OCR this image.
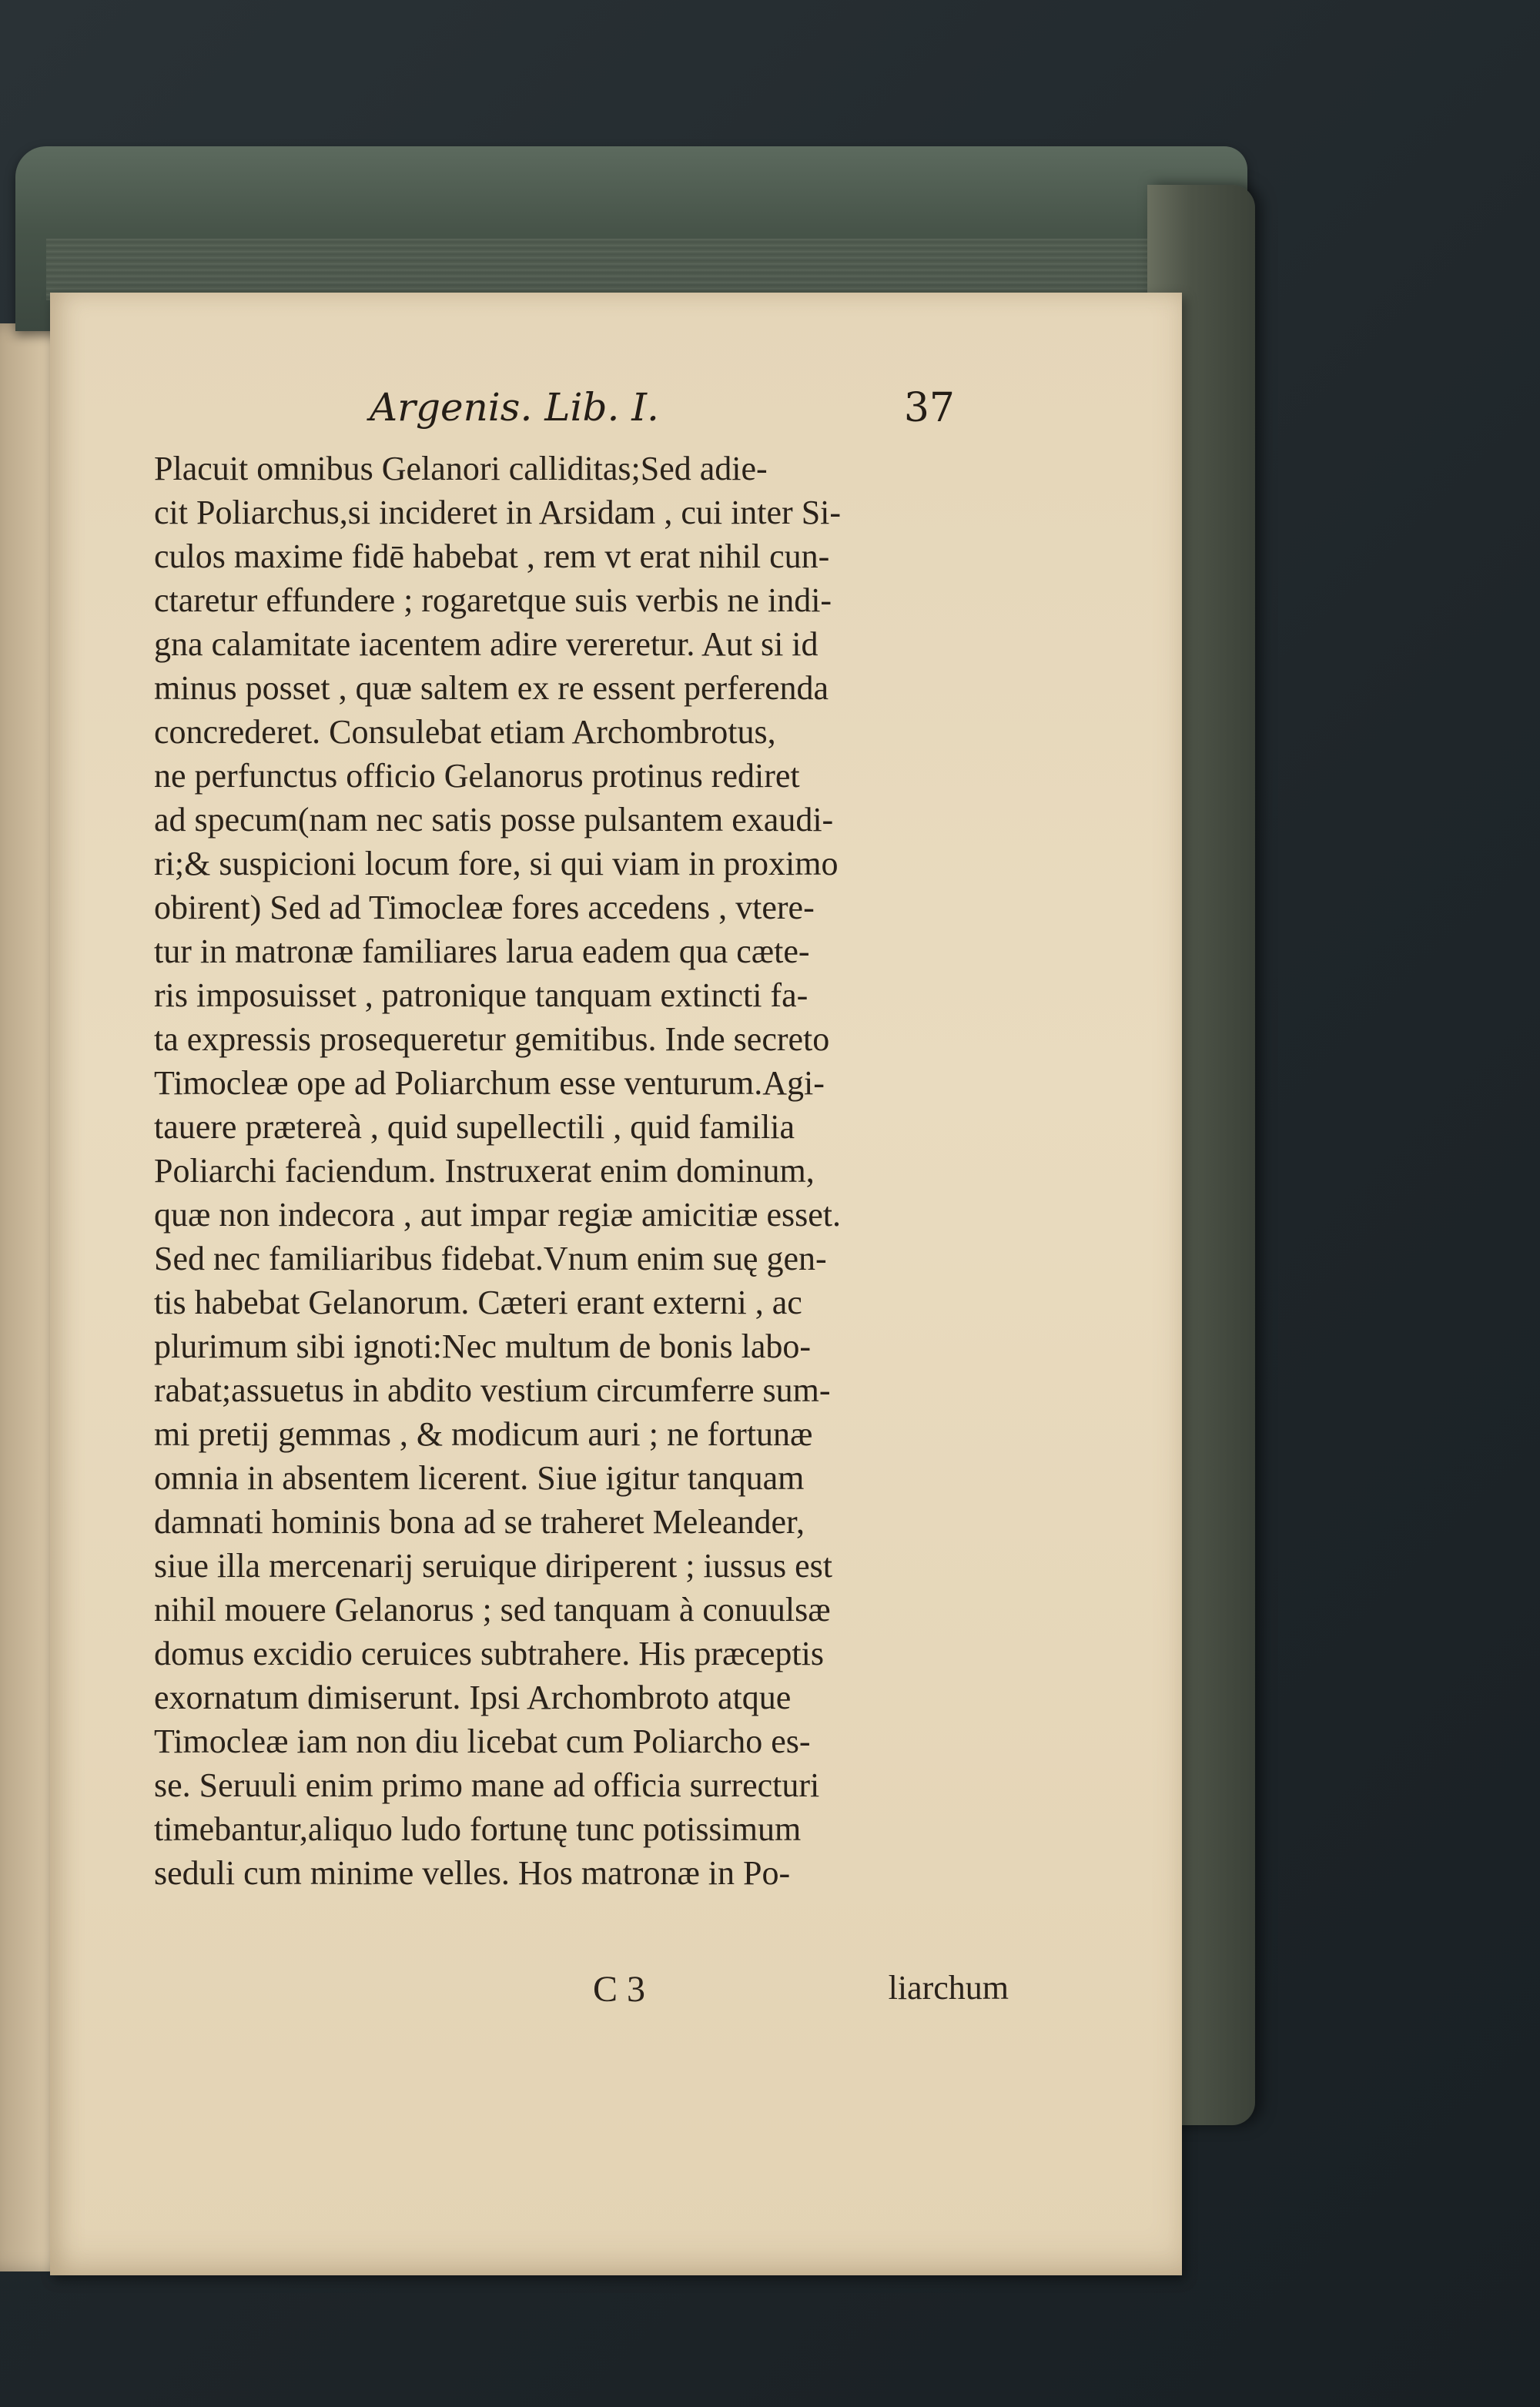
Argenis. Lib. I.	37
Placuit omnibus Gelanori calliditas;Sed adie-
cit Poliarchus,si incideret in Arsidam , cui inter Si-
culos maxime fidē habebat , rem vt erat nihil cun-
ctaretur effundere ; rogaretque suis verbis ne indi-
gna calamitate iacentem adire vereretur. Aut si id
minus posset , quæ saltem ex re essent perferenda
concrederet. Consulebat etiam Archombrotus,
ne perfunctus officio Gelanorus protinus rediret
ad specum(nam nec satis posse pulsantem exaudi-
ri;& suspicioni locum fore, si qui viam in proximo
obirent) Sed ad Timocleæ fores accedens , vtere-
tur in matronæ familiares larua eadem qua cæte-
ris imposuisset , patronique tanquam extincti fa-
ta expressis prosequeretur gemitibus. Inde secreto
Timocleæ ope ad Poliarchum esse venturum.Agi-
tauere prætereà , quid supellectili , quid familia
Poliarchi faciendum. Instruxerat enim dominum,
quæ non indecora , aut impar regiæ amicitiæ esset.
Sed nec familiaribus fidebat.Vnum enim suę gen-
tis habebat Gelanorum. Cæteri erant externi , ac
plurimum sibi ignoti:Nec multum de bonis labo-
rabat;assuetus in abdito vestium circumferre sum-
mi pretij gemmas , & modicum auri ; ne fortunæ
omnia in absentem licerent. Siue igitur tanquam
damnati hominis bona ad se traheret Meleander,
siue illa mercenarij seruique diriperent ; iussus est
nihil mouere Gelanorus ; sed tanquam à conuulsæ
domus excidio ceruices subtrahere. His præceptis
exornatum dimiserunt. Ipsi Archombroto atque
Timocleæ iam non diu licebat cum Poliarcho es-
se. Seruuli enim primo mane ad officia surrecturi
timebantur,aliquo ludo fortunę tunc potissimum
seduli cum minime velles. Hos matronæ in Po-
C 3	liarchum
